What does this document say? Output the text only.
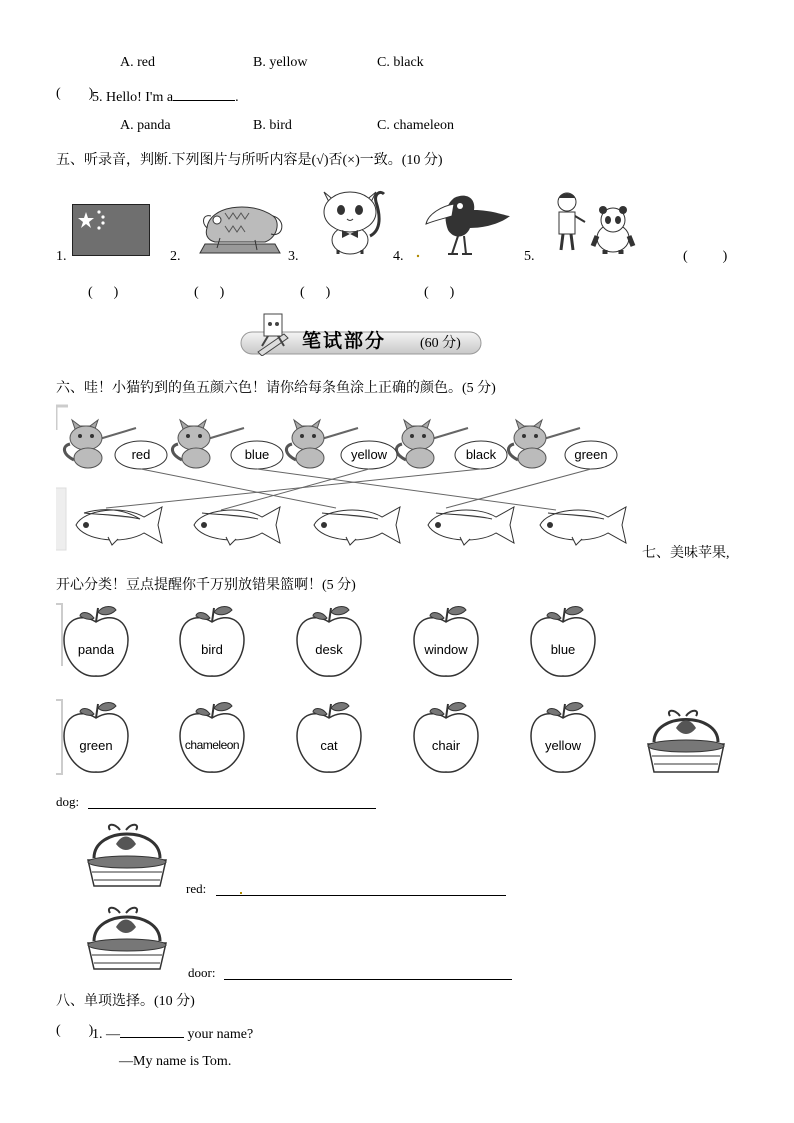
A. red	B. yellow	C. black
(        )
5. Hello! I'm a	.
A. panda	B. bird	C. chameleon
五、听录音，判断.下列图片与所听内容是(√)否(×)一致。(10 分)
1.	2.	3.	4.	5.	(          )
(      )	(      )	(      )	(      )
笔试部分 (60 分)
六、哇！小猫钓到的鱼五颜六色！请你给每条鱼涂上正确的颜色。(5 分)
red	blue	yellow	black	green
七、美味苹果,
开心分类！豆点提醒你千万别放错果篮啊！(5 分)
panda	bird	desk	window	blue
green	chameleon	cat	chair	yellow
dog:
red:
door:
八、单项选择。(10 分)
(        )
1. —	your name?
—My name is Tom.
